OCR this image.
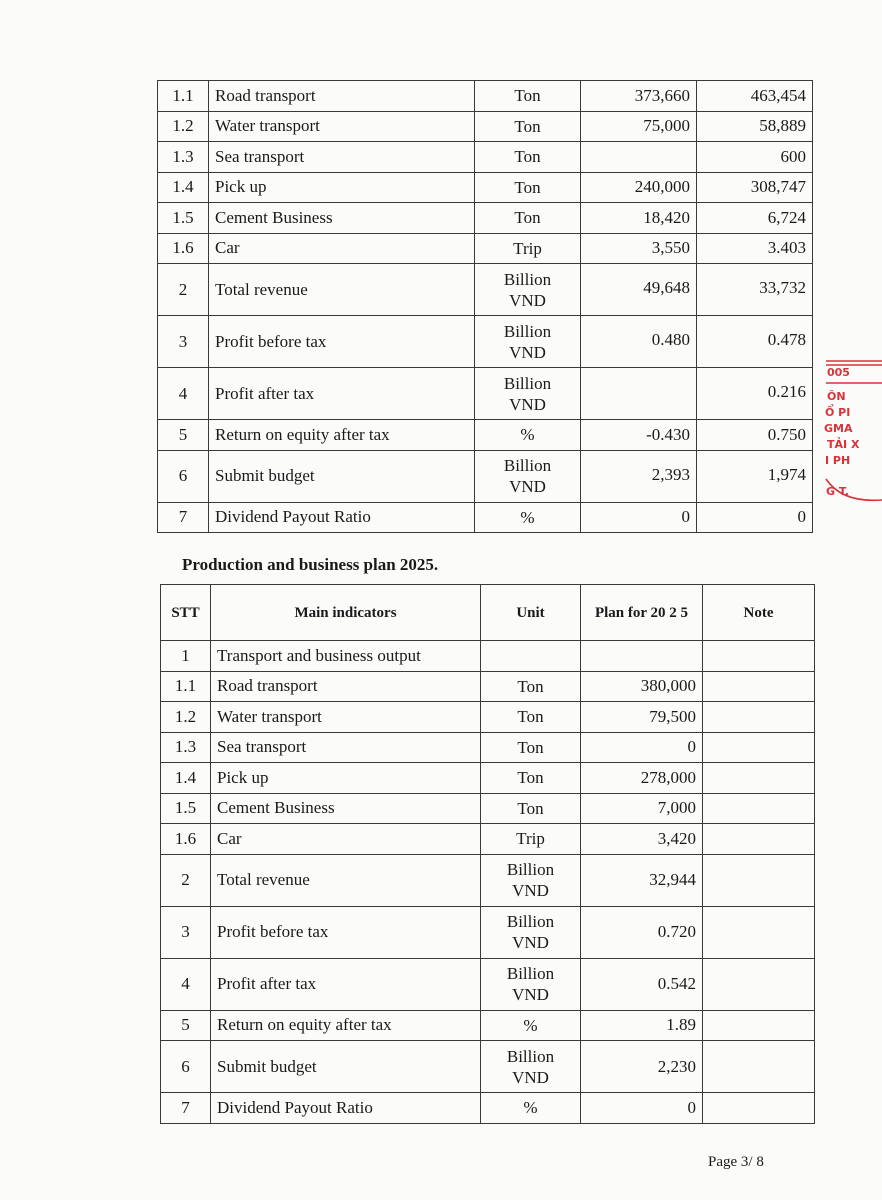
1.1	Road transport	Ton	373,660	463,454
1.2	Water transport	Ton	75,000	58,889
1.3	Sea transport	Ton		600
1.4	Pick up	Ton	240,000	308,747
1.5	Cement Business	Ton	18,420	6,724
1.6	Car	Trip	3,550	3.403
2	Total revenue	Billion VND	49,648	33,732
3	Profit before tax	Billion VND	0.480	0.478
4	Profit after tax	Billion VND		0.216
5	Return on equity after tax	%	-0.430	0.750
6	Submit budget	Billion VND	2,393	1,974
7	Dividend Payout Ratio	%	0	0
Production and business plan 2025.
STT	Main indicators	Unit	Plan for 20 2 5	Note
1	Transport and business output			
1.1	Road transport	Ton	380,000	
1.2	Water transport	Ton	79,500	
1.3	Sea transport	Ton	0	
1.4	Pick up	Ton	278,000	
1.5	Cement Business	Ton	7,000	
1.6	Car	Trip	3,420	
2	Total revenue	Billion VND	32,944	
3	Profit before tax	Billion VND	0.720	
4	Profit after tax	Billion VND	0.542	
5	Return on equity after tax	%	1.89	
6	Submit budget	Billion VND	2,230	
7	Dividend Payout Ratio	%	0	
005
ÔN
Ổ PI
GMA
TẢI X
I PH
G T.
Page 3/ 8
